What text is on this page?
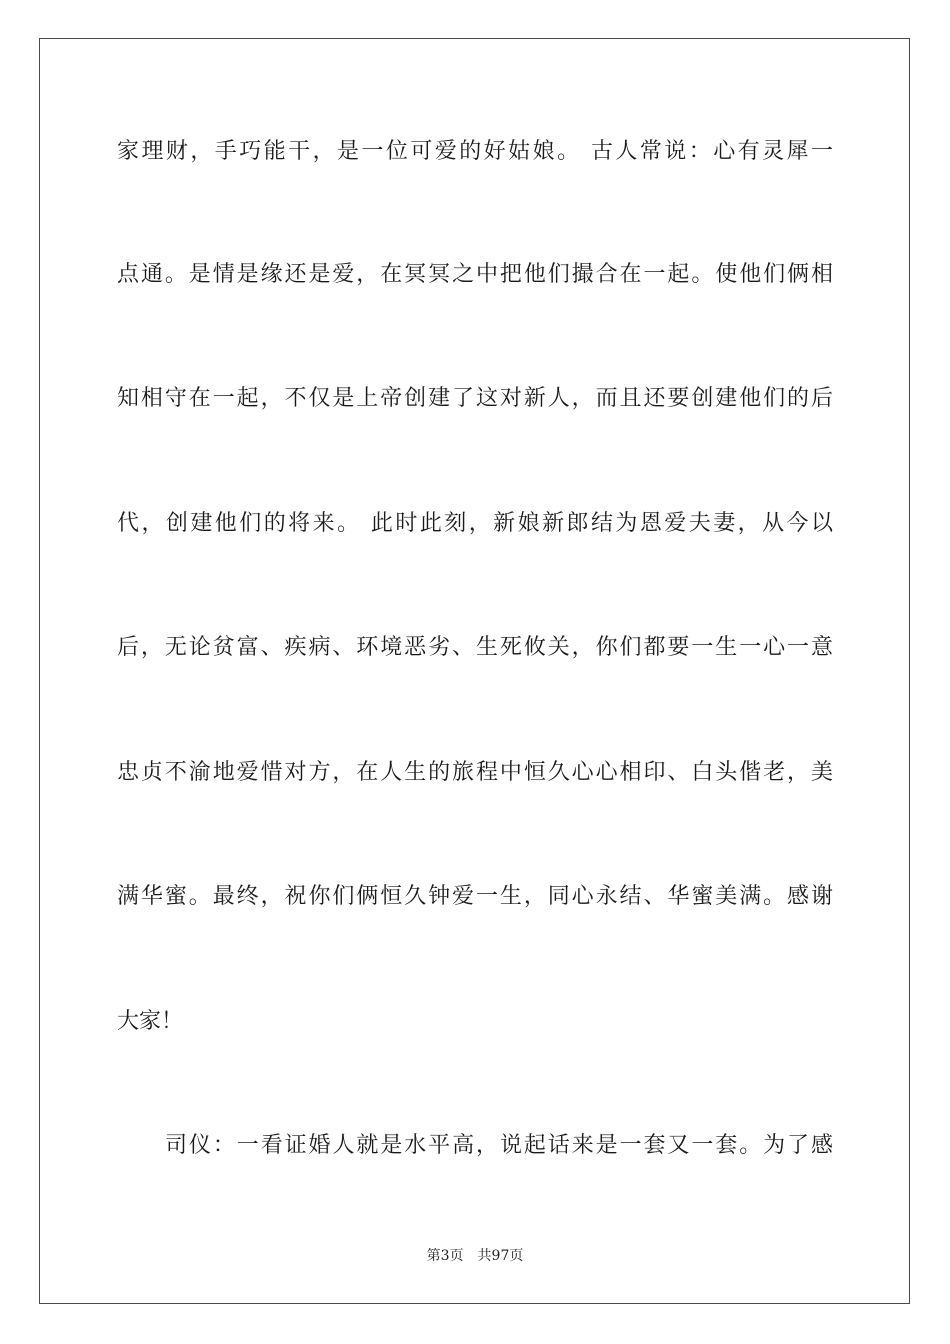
家理财，手巧能干，是一位可爱的好姑娘。 古人常说：心有灵犀一
点通。是情是缘还是爱，在冥冥之中把他们撮合在一起。使他们俩相
知相守在一起，不仅是上帝创建了这对新人，而且还要创建他们的后
代，创建他们的将来。 此时此刻，新娘新郎结为恩爱夫妻，从今以
后，无论贫富、疾病、环境恶劣、生死攸关，你们都要一生一心一意
忠贞不渝地爱惜对方，在人生的旅程中恒久心心相印、白头偕老，美
满华蜜。最终，祝你们俩恒久钟爱一生，同心永结、华蜜美满。感谢
大家！
司仪：一看证婚人就是水平高，说起话来是一套又一套。为了感
第3页 共97页
